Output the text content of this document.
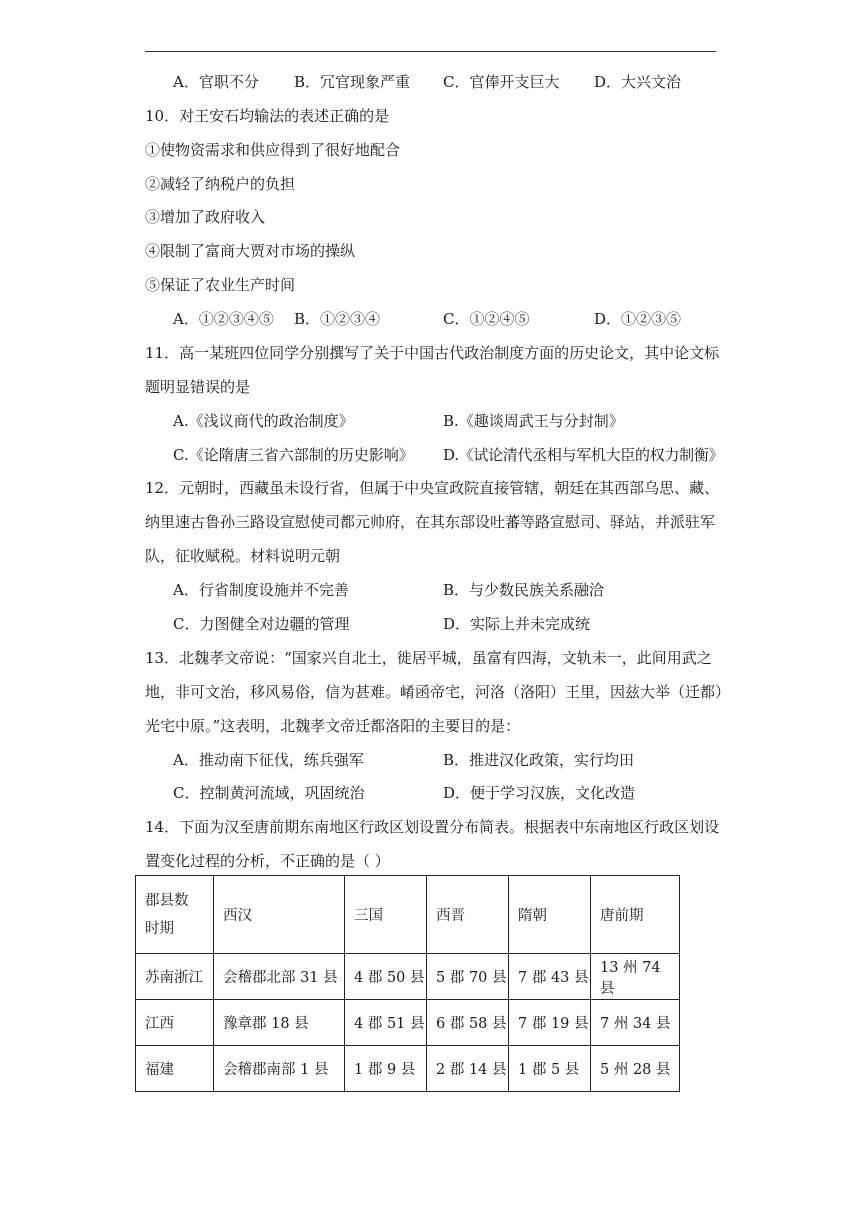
A．官职不分 B．冗官现象严重 C．官俸开支巨大 D．大兴文治
10．对王安石均输法的表述正确的是
①使物资需求和供应得到了很好地配合
②减轻了纳税户的负担
③增加了政府收入
④限制了富商大贾对市场的操纵
⑤保证了农业生产时间
A．①②③④⑤ B．①②③④	C．①②④⑤	D．①②③⑤
11．高一某班四位同学分别撰写了关于中国古代政治制度方面的历史论文，其中论文标
题明显错误的是
A.《浅议商代的政治制度》	B.《趣谈周武王与分封制》
C.《论隋唐三省六部制的历史影响》 D.《试论清代丞相与军机大臣的权力制衡》
12．元朝时，西藏虽未设行省，但属于中央宣政院直接管辖，朝廷在其西部乌思、藏、
纳里速古鲁孙三路设宣慰使司都元帅府，在其东部设吐蕃等路宣慰司、驿站，并派驻军
队，征收赋税。材料说明元朝
A．行省制度设施并不完善	B．与少数民族关系融洽
C．力图健全对边疆的管理	D．实际上并未完成统
13．北魏孝文帝说：“国家兴自北土，徙居平城，虽富有四海，文轨未一，此间用武之
地，非可文治，移风易俗，信为甚难。崤函帝宅，河洛（洛阳）王里，因兹大举（迁都）
光宅中原。”这表明，北魏孝文帝迁都洛阳的主要目的是：
A．推动南下征伐，练兵强军	B．推进汉化政策，实行均田
C．控制黄河流域，巩固统治	D．便于学习汉族，文化改造
14．下面为汉至唐前期东南地区行政区划设置分布简表。根据表中东南地区行政区划设
置变化过程的分析，不正确的是（ ）
郡县数
时期	西汉	三国	西晋	隋朝	唐前期
苏南浙江	会稽郡北部 31 县	4 郡 50 县	5 郡 70 县	7 郡 43 县	13 州 74 县
江西	豫章郡 18 县	4 郡 51 县	6 郡 58 县	7 郡 19 县	7 州 34 县
福建	会稽郡南部 1 县	1 郡 9 县	2 郡 14 县	1 郡 5 县	5 州 28 县
